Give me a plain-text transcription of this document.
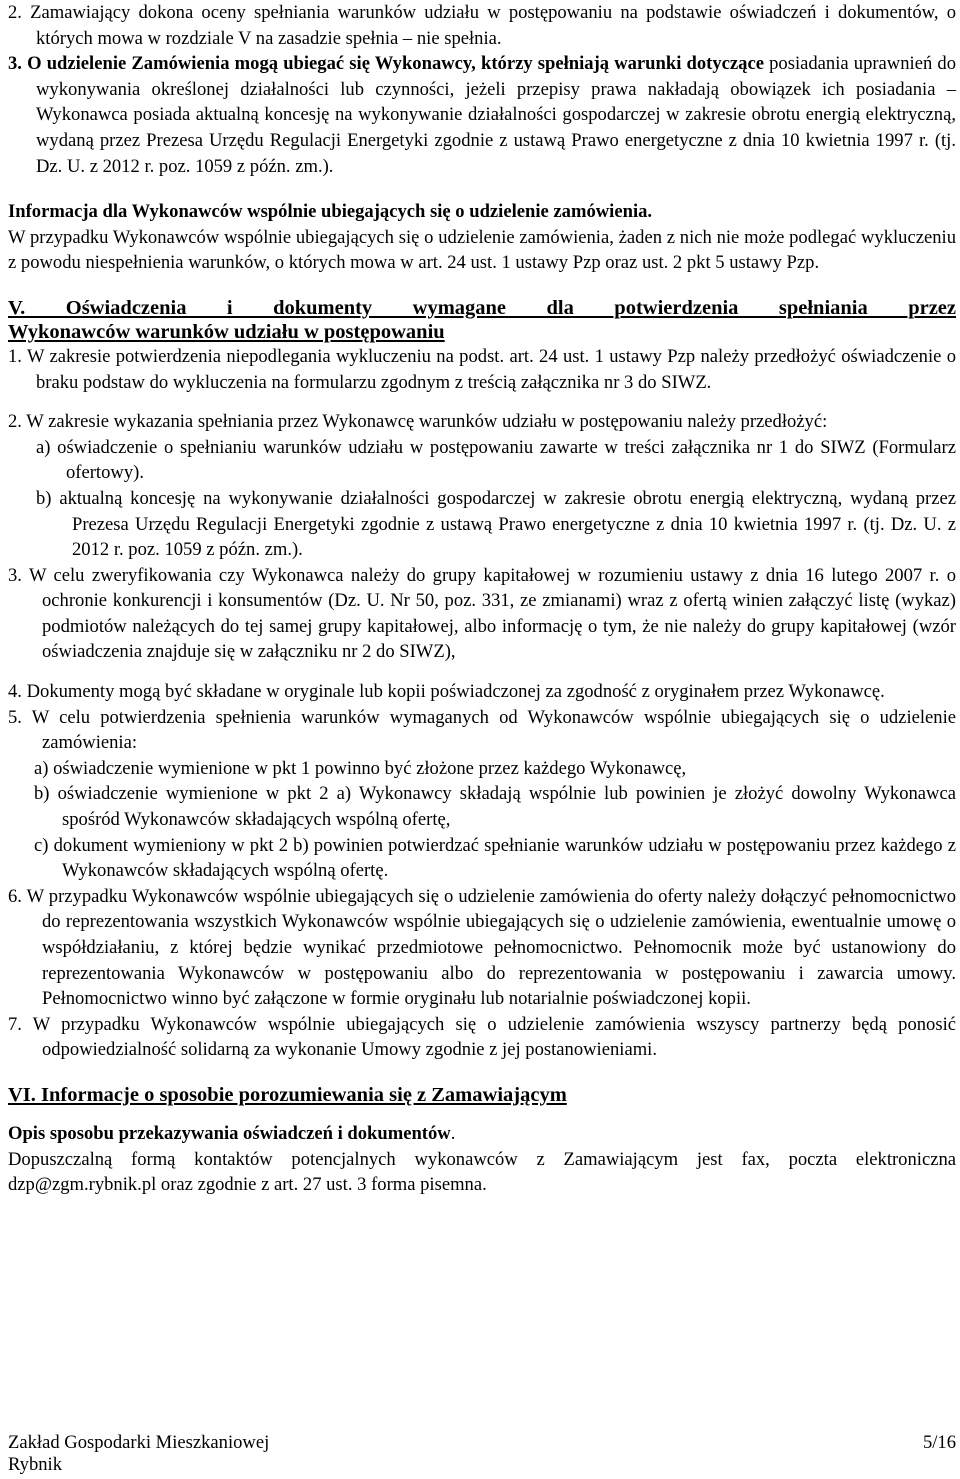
2. Zamawiający dokona oceny spełniania warunków udziału w postępowaniu na podstawie oświadczeń i dokumentów, o których mowa w rozdziale V na zasadzie spełnia – nie spełnia.
3. O udzielenie Zamówienia mogą ubiegać się Wykonawcy, którzy spełniają warunki dotyczące posiadania uprawnień do wykonywania określonej działalności lub czynności, jeżeli przepisy prawa nakładają obowiązek ich posiadania – Wykonawca posiada aktualną koncesję na wykonywanie działalności gospodarczej w zakresie obrotu energią elektryczną, wydaną przez Prezesa Urzędu Regulacji Energetyki zgodnie z ustawą Prawo energetyczne z dnia 10 kwietnia 1997 r. (tj. Dz. U. z 2012 r. poz. 1059 z późn. zm.).
Informacja dla Wykonawców wspólnie ubiegających się o udzielenie zamówienia.
W przypadku Wykonawców wspólnie ubiegających się o udzielenie zamówienia, żaden z nich nie może podlegać wykluczeniu z powodu niespełnienia warunków, o których mowa w art. 24 ust. 1 ustawy Pzp oraz ust. 2 pkt 5 ustawy Pzp.
V. Oświadczenia i dokumenty wymagane dla potwierdzenia spełniania przez
Wykonawców warunków udziału w postępowaniu
1. W zakresie potwierdzenia niepodlegania wykluczeniu na podst. art. 24 ust. 1 ustawy Pzp należy przedłożyć oświadczenie o braku podstaw do wykluczenia na formularzu zgodnym z treścią załącznika nr 3 do SIWZ.
2. W zakresie wykazania spełniania przez Wykonawcę warunków udziału w postępowaniu należy przedłożyć:
a) oświadczenie o spełnianiu warunków udziału w postępowaniu zawarte w treści załącznika nr 1 do SIWZ (Formularz ofertowy).
b) aktualną koncesję na wykonywanie działalności gospodarczej w zakresie obrotu energią elektryczną, wydaną przez Prezesa Urzędu Regulacji Energetyki zgodnie z ustawą Prawo energetyczne z dnia 10 kwietnia 1997 r. (tj. Dz. U. z 2012 r. poz. 1059 z późn. zm.).
3. W celu zweryfikowania czy Wykonawca należy do grupy kapitałowej w rozumieniu ustawy z dnia 16 lutego 2007 r. o ochronie konkurencji i konsumentów (Dz. U. Nr 50, poz. 331, ze zmianami) wraz z ofertą winien załączyć listę (wykaz) podmiotów należących do tej samej grupy kapitałowej, albo informację o tym, że nie należy do grupy kapitałowej (wzór oświadczenia znajduje się w załączniku nr 2 do SIWZ),
4. Dokumenty mogą być składane w oryginale lub kopii poświadczonej za zgodność z oryginałem przez Wykonawcę.
5. W celu potwierdzenia spełnienia warunków wymaganych od Wykonawców wspólnie ubiegających się o udzielenie zamówienia:
a) oświadczenie wymienione w pkt 1 powinno być złożone przez każdego Wykonawcę,
b) oświadczenie wymienione w pkt 2 a) Wykonawcy składają wspólnie lub powinien je złożyć dowolny Wykonawca spośród Wykonawców składających wspólną ofertę,
c) dokument wymieniony w pkt 2 b) powinien potwierdzać spełnianie warunków udziału w postępowaniu przez każdego z Wykonawców składających wspólną ofertę.
6. W przypadku Wykonawców wspólnie ubiegających się o udzielenie zamówienia do oferty należy dołączyć pełnomocnictwo do reprezentowania wszystkich Wykonawców wspólnie ubiegających się o udzielenie zamówienia, ewentualnie umowę o współdziałaniu, z której będzie wynikać przedmiotowe pełnomocnictwo. Pełnomocnik może być ustanowiony do reprezentowania Wykonawców w postępowaniu albo do reprezentowania w postępowaniu i zawarcia umowy. Pełnomocnictwo winno być załączone w formie oryginału lub notarialnie poświadczonej kopii.
7. W przypadku Wykonawców wspólnie ubiegających się o udzielenie zamówienia wszyscy partnerzy będą ponosić odpowiedzialność solidarną za wykonanie Umowy zgodnie z jej postanowieniami.
VI. Informacje o sposobie porozumiewania się z Zamawiającym
Opis sposobu przekazywania oświadczeń i dokumentów.
Dopuszczalną formą kontaktów potencjalnych wykonawców z Zamawiającym jest fax, poczta elektroniczna dzp@zgm.rybnik.pl oraz zgodnie z art. 27 ust. 3 forma pisemna.
Zakład Gospodarki Mieszkaniowej	5/16
Rybnik
